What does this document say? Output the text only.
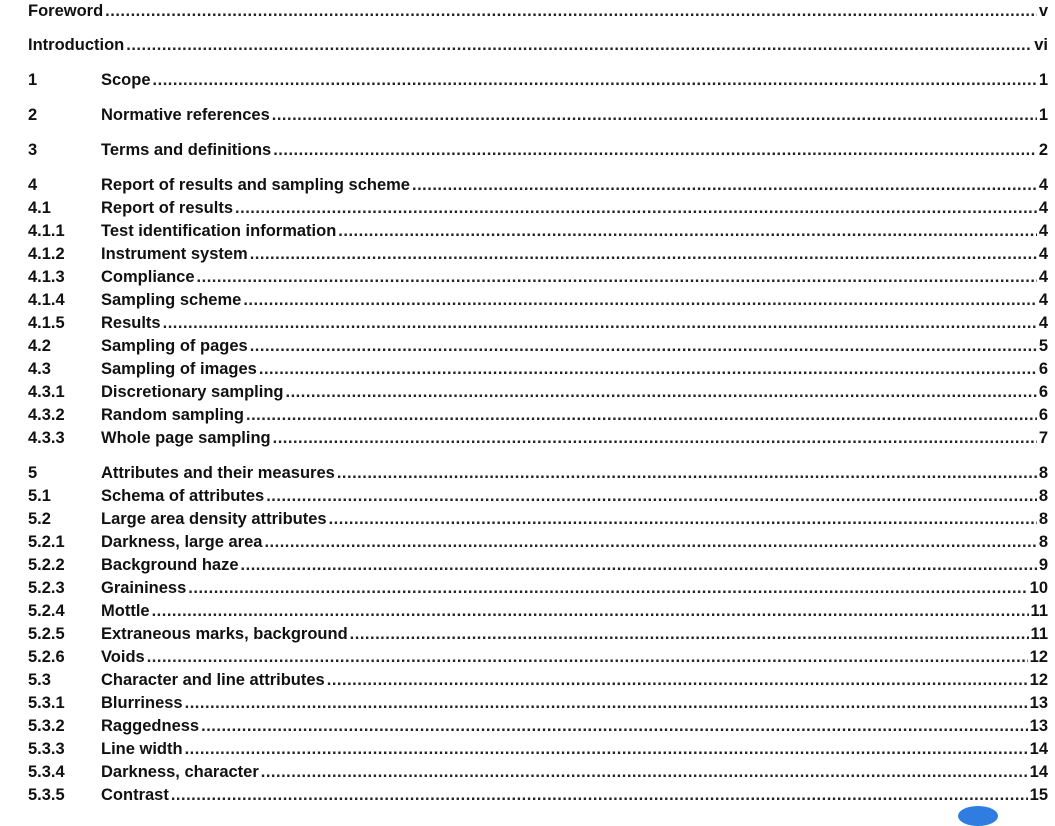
Foreword .....	v
Introduction .....	vi
1	Scope .....	1
2	Normative references .....	1
3	Terms and definitions .....	2
4	Report of results and sampling scheme .....	4
4.1	Report of results .....	4
4.1.1	Test identification information .....	4
4.1.2	Instrument system .....	4
4.1.3	Compliance .....	4
4.1.4	Sampling scheme .....	4
4.1.5	Results .....	4
4.2	Sampling of pages .....	5
4.3	Sampling of images .....	6
4.3.1	Discretionary sampling .....	6
4.3.2	Random sampling .....	6
4.3.3	Whole page sampling .....	7
5	Attributes and their measures .....	8
5.1	Schema of attributes .....	8
5.2	Large area density attributes .....	8
5.2.1	Darkness, large area .....	8
5.2.2	Background haze .....	9
5.2.3	Graininess .....	10
5.2.4	Mottle .....	11
5.2.5	Extraneous marks, background .....	11
5.2.6	Voids .....	12
5.3	Character and line attributes .....	12
5.3.1	Blurriness .....	13
5.3.2	Raggedness .....	13
5.3.3	Line width .....	14
5.3.4	Darkness, character .....	14
5.3.5	Contrast .....	15
